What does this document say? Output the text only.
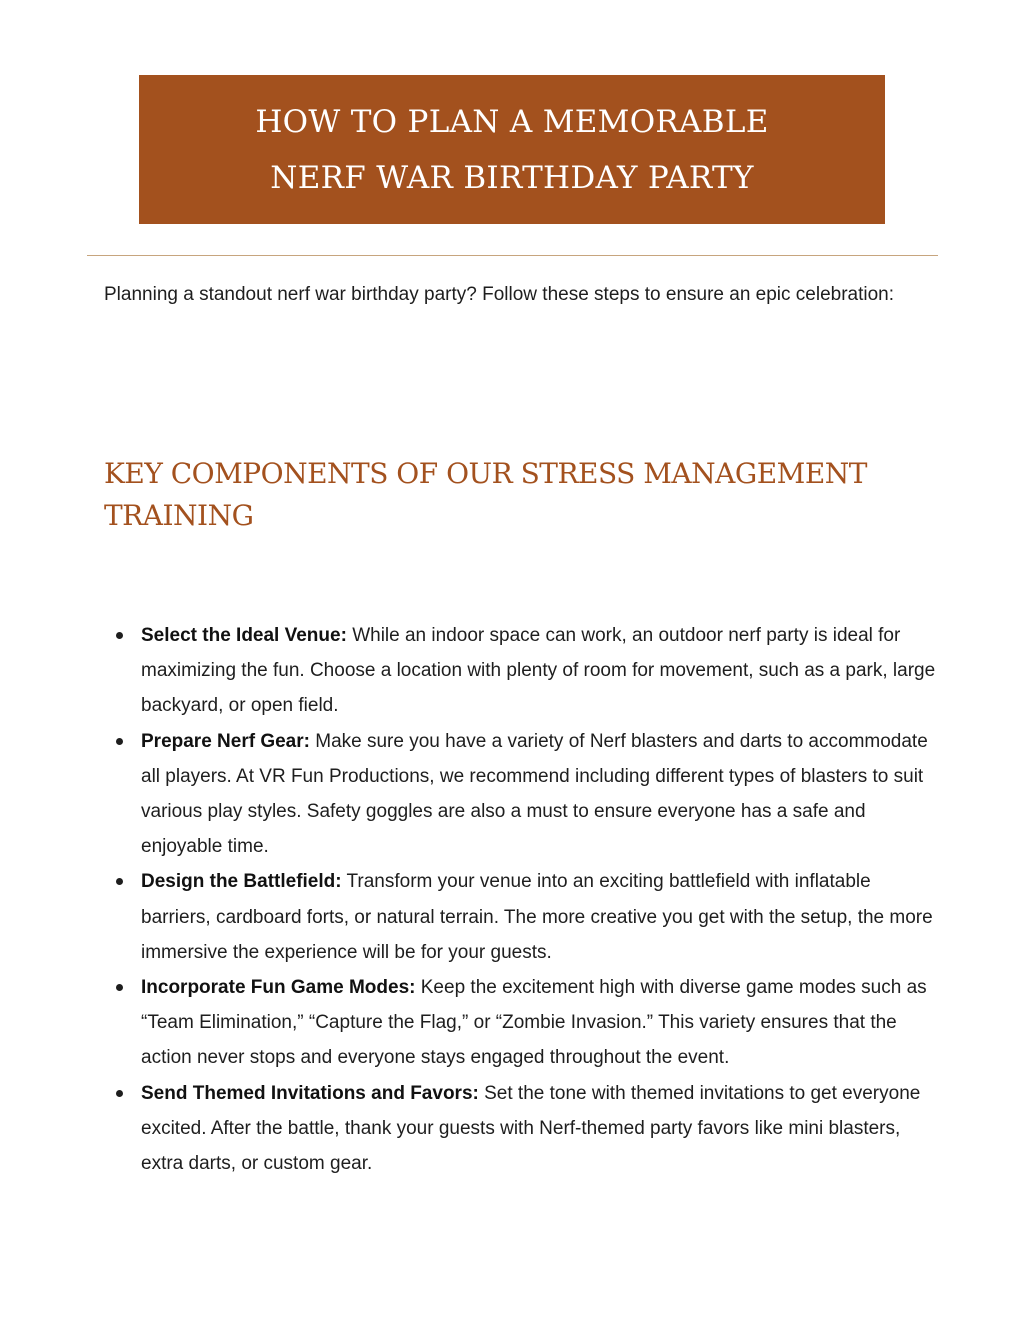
HOW TO PLAN A MEMORABLE
NERF WAR BIRTHDAY PARTY

Planning a standout nerf war birthday party? Follow these steps to ensure an epic celebration:

KEY COMPONENTS OF OUR STRESS MANAGEMENT TRAINING
Select the Ideal Venue: While an indoor space can work, an outdoor nerf party is ideal for maximizing the fun. Choose a location with plenty of room for movement, such as a park, large backyard, or open field.
Prepare Nerf Gear: Make sure you have a variety of Nerf blasters and darts to accommodate all players. At VR Fun Productions, we recommend including different types of blasters to suit various play styles. Safety goggles are also a must to ensure everyone has a safe and enjoyable time.
Design the Battlefield: Transform your venue into an exciting battlefield with inflatable barriers, cardboard forts, or natural terrain. The more creative you get with the setup, the more immersive the experience will be for your guests.
Incorporate Fun Game Modes: Keep the excitement high with diverse game modes such as “Team Elimination,” “Capture the Flag,” or “Zombie Invasion.” This variety ensures that the action never stops and everyone stays engaged throughout the event.
Send Themed Invitations and Favors: Set the tone with themed invitations to get everyone excited. After the battle, thank your guests with Nerf-themed party favors like mini blasters, extra darts, or custom gear.
